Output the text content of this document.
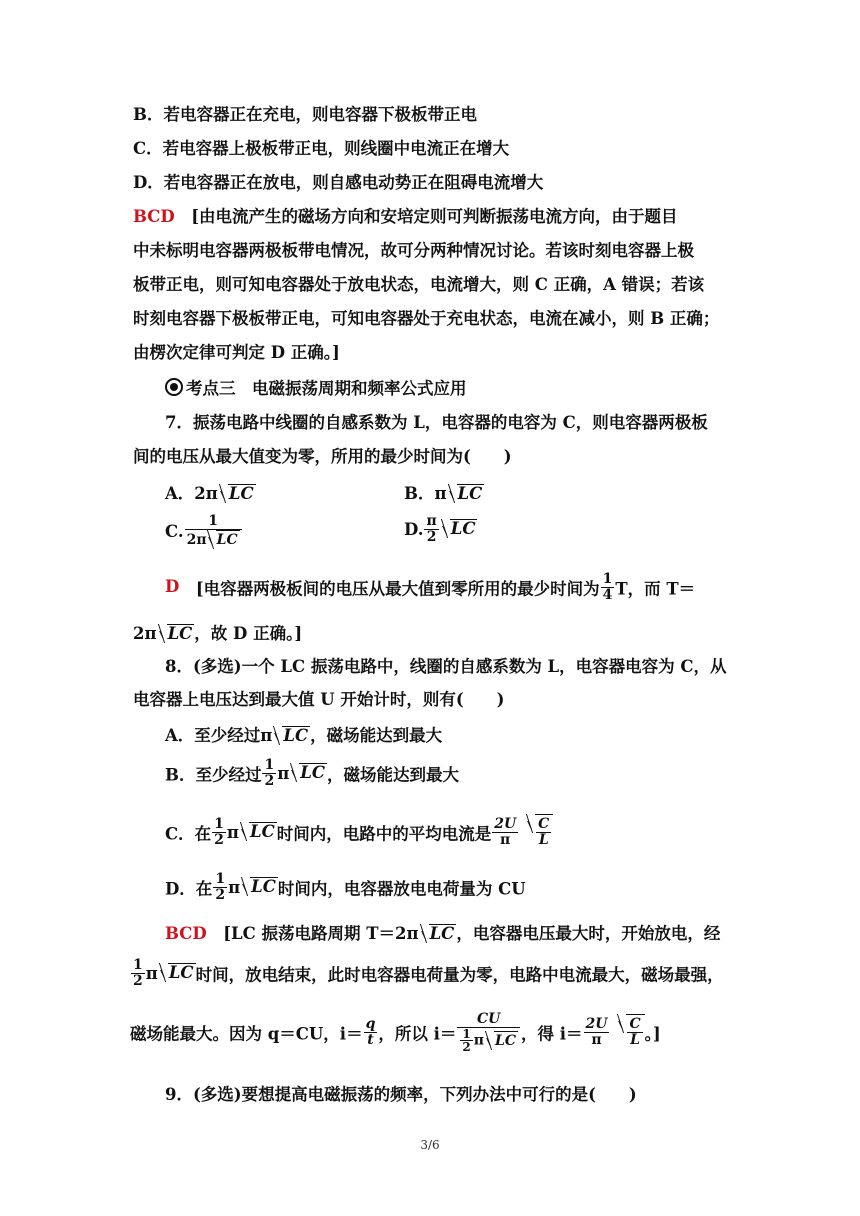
B．若电容器正在充电，则电容器下极板带正电
C．若电容器上极板带正电，则线圈中电流正在增大
D．若电容器正在放电，则自感电动势正在阻碍电流增大
BCD　 [由电流产生的磁场方向和安培定则可判断振荡电流方向，由于题目
中未标明电容器两极板带电情况，故可分两种情况讨论。若该时刻电容器上极
板带正电，则可知电容器处于放电状态，电流增大，则 C 正确，A 错误；若该
时刻电容器下极板带正电，可知电容器处于充电状态，电流在减小，则 B 正确；
由楞次定律可判定 D 正确。]
考点三　电磁振荡周期和频率公式应用
7．振荡电路中线圈的自感系数为 L，电容器的电容为 C，则电容器两极板
间的电压从最大值变为零，所用的最少时间为(　　)
A．2π LC	B．π LC
C. $\frac{1}{\text{2π LC}}$	D. $\frac{\pi}{2}$ LC
D　 [电容器两极板间的电压从最大值到零所用的最少时间为 $\frac{1}{4}$ T，而 T＝
2π LC ，故 D 正确。]
8．(多选)一个 LC 振荡电路中，线圈的自感系数为 L，电容器电容为 C，从
电容器上电压达到最大值 U 开始计时，则有(　　)
A．至少经过π LC ，磁场能达到最大
B．至少经过 $\frac{1}{2}$ π LC ，磁场能达到最大
C．在 $\frac{1}{2}$ π LC 时间内，电路中的平均电流是 $\frac{2U}{\pi} \frac{C}{L}$
D．在 $\frac{1}{2}$ π LC 时间内，电容器放电电荷量为 CU
BCD　 [LC 振荡电路周期 T＝2π LC ，电容器电压最大时，开始放电，经
$\frac{1}{2}$ π LC 时间，放电结束，此时电容器电荷量为零，电路中电流最大，磁场最强，
磁场能最大。因为 q＝CU，$i= \frac{q}{t}$ ，所以 $i= \frac{CU}{\frac{1}{2} \pi LC}$ ，得 $i= \frac{2U}{\pi} \frac{C}{L}$ 。]
9．(多选)要想提高电磁振荡的频率，下列办法中可行的是(　　)
3/6
